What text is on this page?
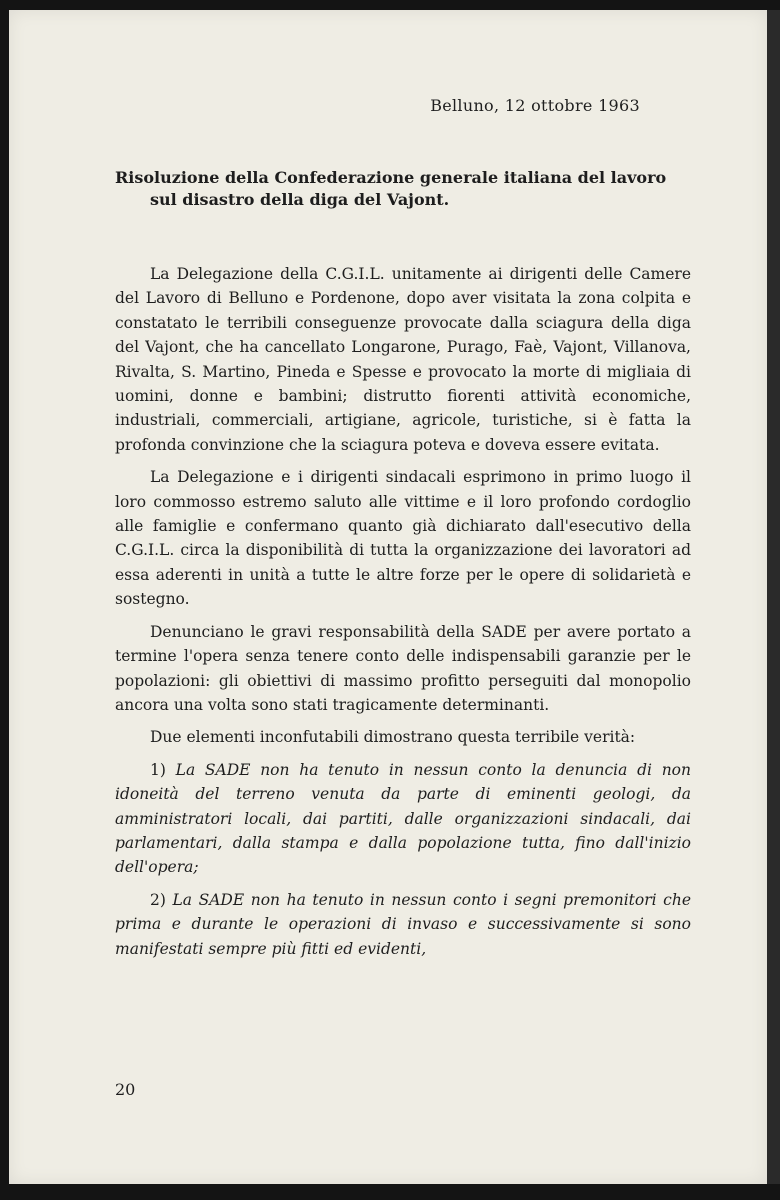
Belluno, 12 ottobre 1963
Risoluzione della Confederazione generale italiana del lavoro
sul disastro della diga del Vajont.

La Delegazione della C.G.I.L. unitamente ai dirigenti delle Camere del Lavoro di Belluno e Pordenone, dopo aver visitata la zona colpita e constatato le terribili conseguenze provocate dalla sciagura della diga del Vajont, che ha cancellato Longarone, Purago, Faè, Vajont, Villanova, Rivalta, S. Martino, Pineda e Spesse e provocato la morte di migliaia di uomini, donne e bambini; distrutto fiorenti attività economiche, industriali, commerciali, artigiane, agricole, turistiche, si è fatta la profonda convinzione che la sciagura poteva e doveva essere evitata.

La Delegazione e i dirigenti sindacali esprimono in primo luogo il loro commosso estremo saluto alle vittime e il loro profondo cordoglio alle famiglie e confermano quanto già dichiarato dall'esecutivo della C.G.I.L. circa la disponibilità di tutta la organizzazione dei lavoratori ad essa aderenti in unità a tutte le altre forze per le opere di solidarietà e sostegno.

Denunciano le gravi responsabilità della SADE per avere portato a termine l'opera senza tenere conto delle indispensabili garanzie per le popolazioni: gli obiettivi di massimo profitto perseguiti dal monopolio ancora una volta sono stati tragicamente determinanti.

Due elementi inconfutabili dimostrano questa terribile verità:

1) La SADE non ha tenuto in nessun conto la denuncia di non idoneità del terreno venuta da parte di eminenti geologi, da amministratori locali, dai partiti, dalle organizzazioni sindacali, dai parlamentari, dalla stampa e dalla popolazione tutta, fino dall'inizio dell'opera;

2) La SADE non ha tenuto in nessun conto i segni premonitori che prima e durante le operazioni di invaso e successivamente si sono manifestati sempre più fitti ed evidenti,

20
